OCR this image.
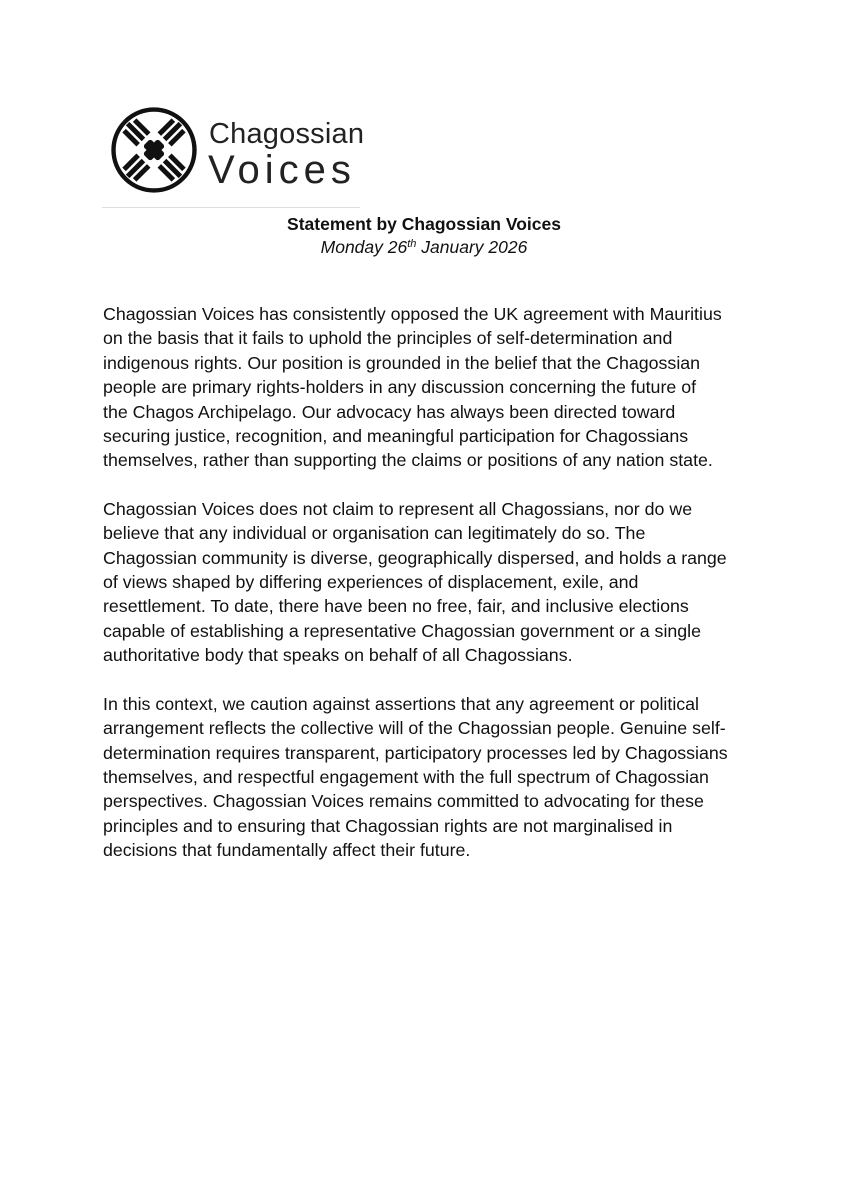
Chagossian
Voices
Statement by Chagossian Voices
Monday 26th January 2026

Chagossian Voices has consistently opposed the UK agreement with Mauritius
on the basis that it fails to uphold the principles of self-determination and
indigenous rights. Our position is grounded in the belief that the Chagossian
people are primary rights-holders in any discussion concerning the future of
the Chagos Archipelago. Our advocacy has always been directed toward
securing justice, recognition, and meaningful participation for Chagossians
themselves, rather than supporting the claims or positions of any nation state.

Chagossian Voices does not claim to represent all Chagossians, nor do we
believe that any individual or organisation can legitimately do so. The
Chagossian community is diverse, geographically dispersed, and holds a range
of views shaped by differing experiences of displacement, exile, and
resettlement. To date, there have been no free, fair, and inclusive elections
capable of establishing a representative Chagossian government or a single
authoritative body that speaks on behalf of all Chagossians.

In this context, we caution against assertions that any agreement or political
arrangement reflects the collective will of the Chagossian people. Genuine self-
determination requires transparent, participatory processes led by Chagossians
themselves, and respectful engagement with the full spectrum of Chagossian
perspectives. Chagossian Voices remains committed to advocating for these
principles and to ensuring that Chagossian rights are not marginalised in
decisions that fundamentally affect their future.
